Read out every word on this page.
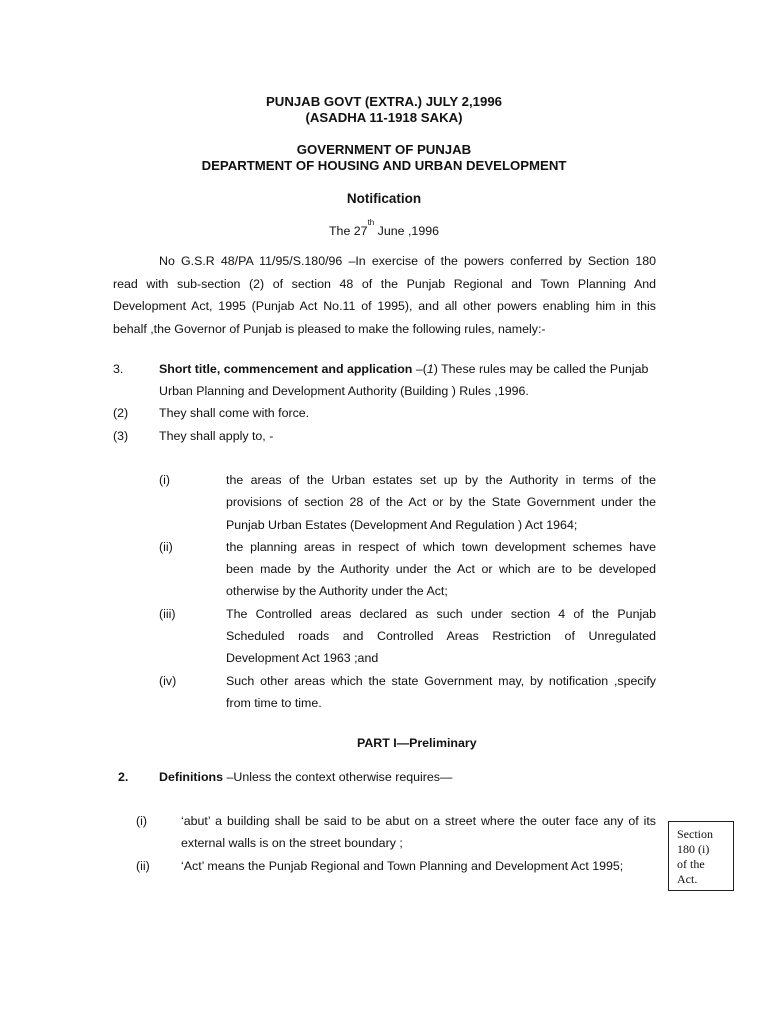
PUNJAB GOVT (EXTRA.) JULY 2,1996
(ASADHA 11-1918 SAKA)
GOVERNMENT OF PUNJAB
DEPARTMENT OF HOUSING AND URBAN DEVELOPMENT
Notification
The 27th June ,1996
No G.S.R 48/PA 11/95/S.180/96 –In exercise of the powers conferred by Section 180
read with sub-section (2) of section 48 of the Punjab Regional and Town Planning And
Development Act, 1995 (Punjab Act No.11 of 1995), and all other powers enabling him in this
behalf ,the Governor of Punjab is pleased to make the following rules, namely:-
3.	Short title, commencement and application –(1) These rules may be called the Punjab
Urban Planning and Development Authority (Building ) Rules ,1996.
(2) They shall come with force.
(3) They shall apply to, -
(i)	the areas of the Urban estates set up by the Authority in terms of the
provisions of section 28 of the Act or by the State Government under the
Punjab Urban Estates (Development And Regulation ) Act 1964;
(ii)	the planning areas in respect of which town development schemes have
been made by the Authority under the Act or which are to be developed
otherwise by the Authority under the Act;
(iii)	The Controlled areas declared as such under section 4 of the Punjab
Scheduled roads and Controlled Areas Restriction of Unregulated
Development Act 1963 ;and
(iv)	Such other areas which the state Government may, by notification ,specify
from time to time.
PART I—Preliminary
2. Definitions –Unless the context otherwise requires—
(i)	‘abut’ a building shall be said to be abut on a street where the outer face any of its
external walls is on the street boundary ;
(ii)	‘Act’ means the Punjab Regional and Town Planning and Development Act 1995;
Section
180 (i)
of the
Act.
